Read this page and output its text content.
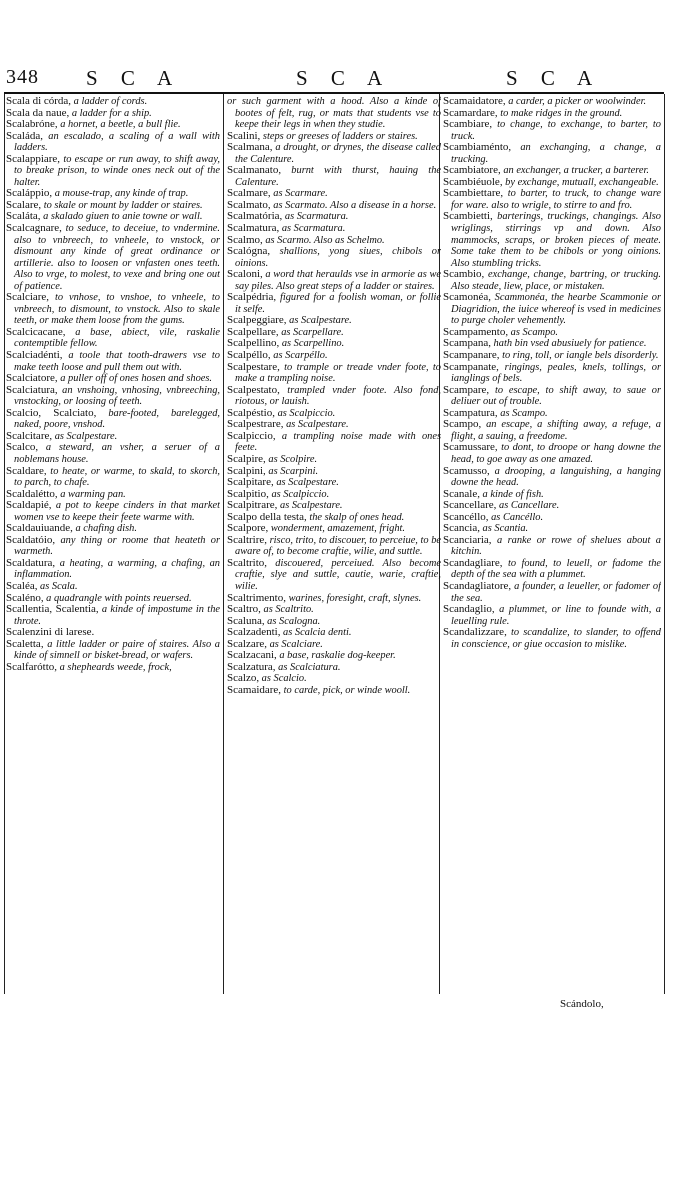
348 S C A	S C A	S C A

Scala di córda, a ladder of cords.

Scala da naue, a ladder for a ship.

Scalabróne, a hornet, a beetle, a bull flie.

Scaláda, an escalado, a scaling of a wall with ladders.

Scalappiare, to escape or run away, to shift away, to breake prison, to winde ones neck out of the halter.

Scaláppio, a mouse-trap, any kinde of trap.

Scalare, to skale or mount by ladder or staires.

Scaláta, a skalado giuen to anie towne or wall.

Scalcagnare, to seduce, to deceiue, to vndermine. also to vnbreech, to vnheele, to vnstock, or dismount any kinde of great ordinance or artillerie. also to loosen or vnfasten ones teeth. Also to vrge, to molest, to vexe and bring one out of patience.

Scalciare, to vnhose, to vnshoe, to vnheele, to vnbreech, to dismount, to vnstock. Also to skale teeth, or make them loose from the gums.

Scalcicacane, a base, abiect, vile, raskalie contemptible fellow.

Scalciadénti, a toole that tooth-drawers vse to make teeth loose and pull them out with.

Scalciatore, a puller off of ones hosen and shoes.

Scalciatura, an vnshoing, vnhosing, vnbreeching, vnstocking, or loosing of teeth.

Scalcio, Scalciato, bare-footed, barelegged, naked, poore, vnshod.

Scalcitare, as Scalpestare.

Scalco, a steward, an vsher, a seruer of a noblemans house.

Scaldare, to heate, or warme, to skald, to skorch, to parch, to chafe.

Scaldalétto, a warming pan.

Scaldapié, a pot to keepe cinders in that market women vse to keepe their feete warme with.

Scaldauiuande, a chafing dish.

Scaldatóio, any thing or roome that heateth or warmeth.

Scaldatura, a heating, a warming, a chafing, an inflammation.

Scaléa, as Scala.

Scaléno, a quadrangle with points reuersed.

Scallentia, Scalentia, a kinde of impostume in the throte.

Scalenzini di larese.

Scaletta, a little ladder or paire of staires. Also a kinde of simnell or bisket-bread, or wafers.

Scalfarótto, a shepheards weede, frock,

or such garment with a hood. Also a kinde of bootes of felt, rug, or mats that students vse to keepe their legs in when they studie.

Scalini, steps or greeses of ladders or staires.

Scalmana, a drought, or drynes, the disease called the Calenture.

Scalmanato, burnt with thurst, hauing the Calenture.

Scalmare, as Scarmare.

Scalmato, as Scarmato. Also a disease in a horse.

Scalmatória, as Scarmatura.

Scalmatura, as Scarmatura.

Scalmo, as Scarmo. Also as Schelmo.

Scalógna, shallions, yong siues, chibols or oinions.

Scaloni, a word that heraulds vse in armorie as we say piles. Also great steps of a ladder or staires.

Scalpédria, figured for a foolish woman, or follie it selfe.

Scalpeggiare, as Scalpestare.

Scalpellare, as Scarpellare.

Scalpellino, as Scarpellino.

Scalpéllo, as Scarpéllo.

Scalpestare, to trample or treade vnder foote, to make a trampling noise.

Scalpestato, trampled vnder foote. Also fond, riotous, or lauish.

Scalpéstio, as Scalpiccio.

Scalpestrare, as Scalpestare.

Scalpiccio, a trampling noise made with ones feete.

Scalpire, as Scolpire.

Scalpini, as Scarpini.

Scalpitare, as Scalpestare.

Scalpitio, as Scalpiccio.

Scalpitrare, as Scalpestare.

Scalpo della testa, the skalp of ones head.

Scalpore, wonderment, amazement, fright.

Scaltrire, risco, trito, to discouer, to perceiue, to be aware of, to become craftie, wilie, and suttle.

Scaltrito, discouered, perceiued. Also become craftie, slye and suttle, cautie, warie, craftie, wilie.

Scaltrimento, warines, foresight, craft, slynes.

Scaltro, as Scaltrito.

Scaluna, as Scalogna.

Scalzadenti, as Scalcia denti.

Scalzare, as Scalciare.

Scalzacani, a base, raskalie dog-keeper.

Scalzatura, as Scalciatura.

Scalzo, as Scalcio.

Scamaidare, to carde, pick, or winde wooll.

Scamaidatore, a carder, a picker or woolwinder.

Scamardare, to make ridges in the ground.

Scambiare, to change, to exchange, to barter, to truck.

Scambiaménto, an exchanging, a change, a trucking.

Scambiatore, an exchanger, a trucker, a barterer.

Scambiéuole, by exchange, mutuall, exchangeable.

Scambiettare, to barter, to truck, to change ware for ware. also to wrigle, to stirre to and fro.

Scambietti, barterings, truckings, changings. Also wriglings, stirrings vp and down. Also mammocks, scraps, or broken pieces of meate. Some take them to be chibols or yong oinions. Also stumbling tricks.

Scambio, exchange, change, bartring, or trucking. Also steade, liew, place, or mistaken.

Scamonéa, Scammonéa, the hearbe Scammonie or Diagridion, the iuice whereof is vsed in medicines to purge choler vehemently.

Scampamento, as Scampo.

Scampana, hath bin vsed abusiuely for patience.

Scampanare, to ring, toll, or iangle bels disorderly.

Scampanate, ringings, peales, knels, tollings, or ianglings of bels.

Scampare, to escape, to shift away, to saue or deliuer out of trouble.

Scampatura, as Scampo.

Scampo, an escape, a shifting away, a refuge, a flight, a sauing, a freedome.

Scamussare, to dont, to droope or hang downe the head, to goe away as one amazed.

Scamusso, a drooping, a languishing, a hanging downe the head.

Scanale, a kinde of fish.

Scancellare, as Cancellare.

Scancéllo, as Cancéllo.

Scancia, as Scantia.

Scanciaria, a ranke or rowe of shelues about a kitchin.

Scandagliare, to found, to leuell, or fadome the depth of the sea with a plummet.

Scandagliatore, a founder, a leueller, or fadomer of the sea.

Scandaglio, a plummet, or line to founde with, a leuelling rule.

Scandalizzare, to scandalize, to slander, to offend in conscience, or giue occasion to mislike.

Scándolo,
